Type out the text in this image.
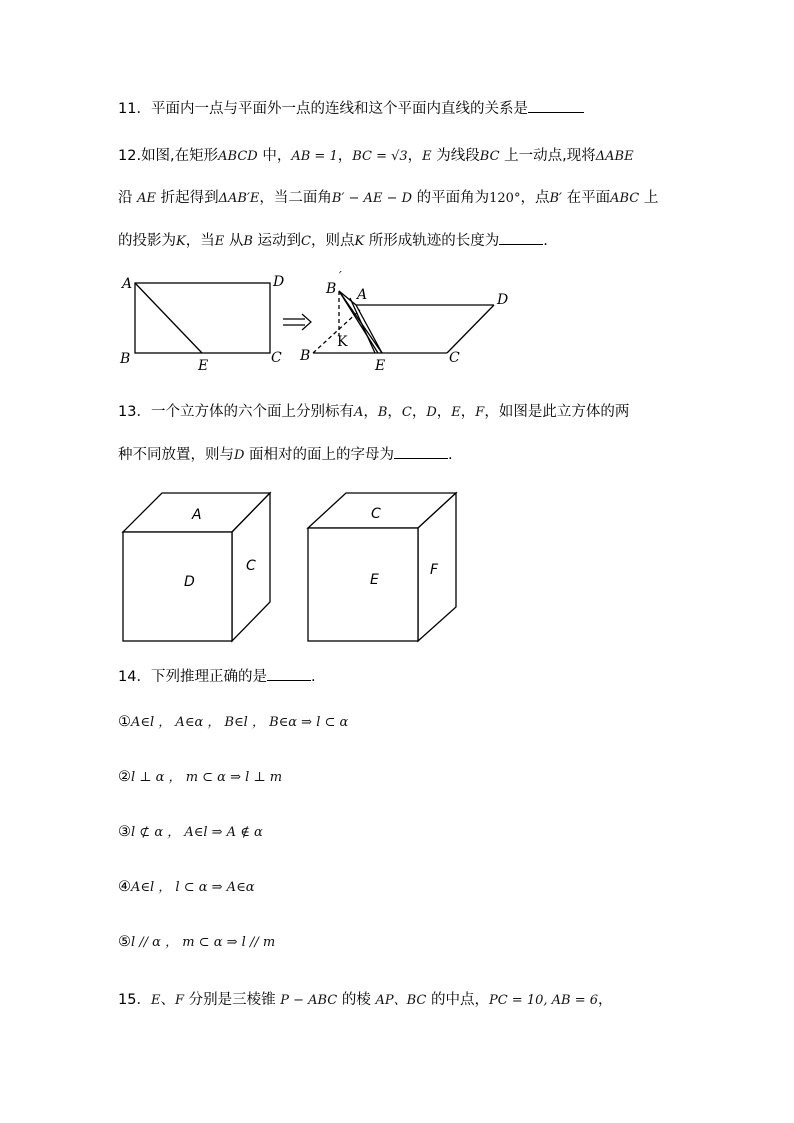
11．平面内一点与平面外一点的连线和这个平面内直线的关系是
12.如图,在矩形ABCD 中，AB = 1，BC = √3，E 为线段BC 上一动点,现将ΔABE
沿 AE 折起得到ΔAB′E，当二面角B′ − AE − D 的平面角为120°，点B′ 在平面ABC 上
的投影为K，当E 从B 运动到C，则点K 所形成轨迹的长度为	.
A	D
B	E	C
B
′
A	D
K
B
E	C
13．一个立方体的六个面上分别标有A，B，C，D，E，F，如图是此立方体的两
种不同放置，则与D 面相对的面上的字母为	.
A
D
C
C
E
F
14．下列推理正确的是	.
①A∈l ， A∈α ， B∈l ， B∈α ⇒ l ⊂ α
②l ⊥ α ， m ⊂ α ⇒ l ⊥ m
③l ⊄ α ， A∈l ⇒ A ∉ α
④A∈l ， l ⊂ α ⇒ A∈α
⑤l // α ， m ⊂ α ⇒ l // m
15．E、F 分别是三棱锥 P − ABC 的棱 AP、BC 的中点，PC = 10, AB = 6，
